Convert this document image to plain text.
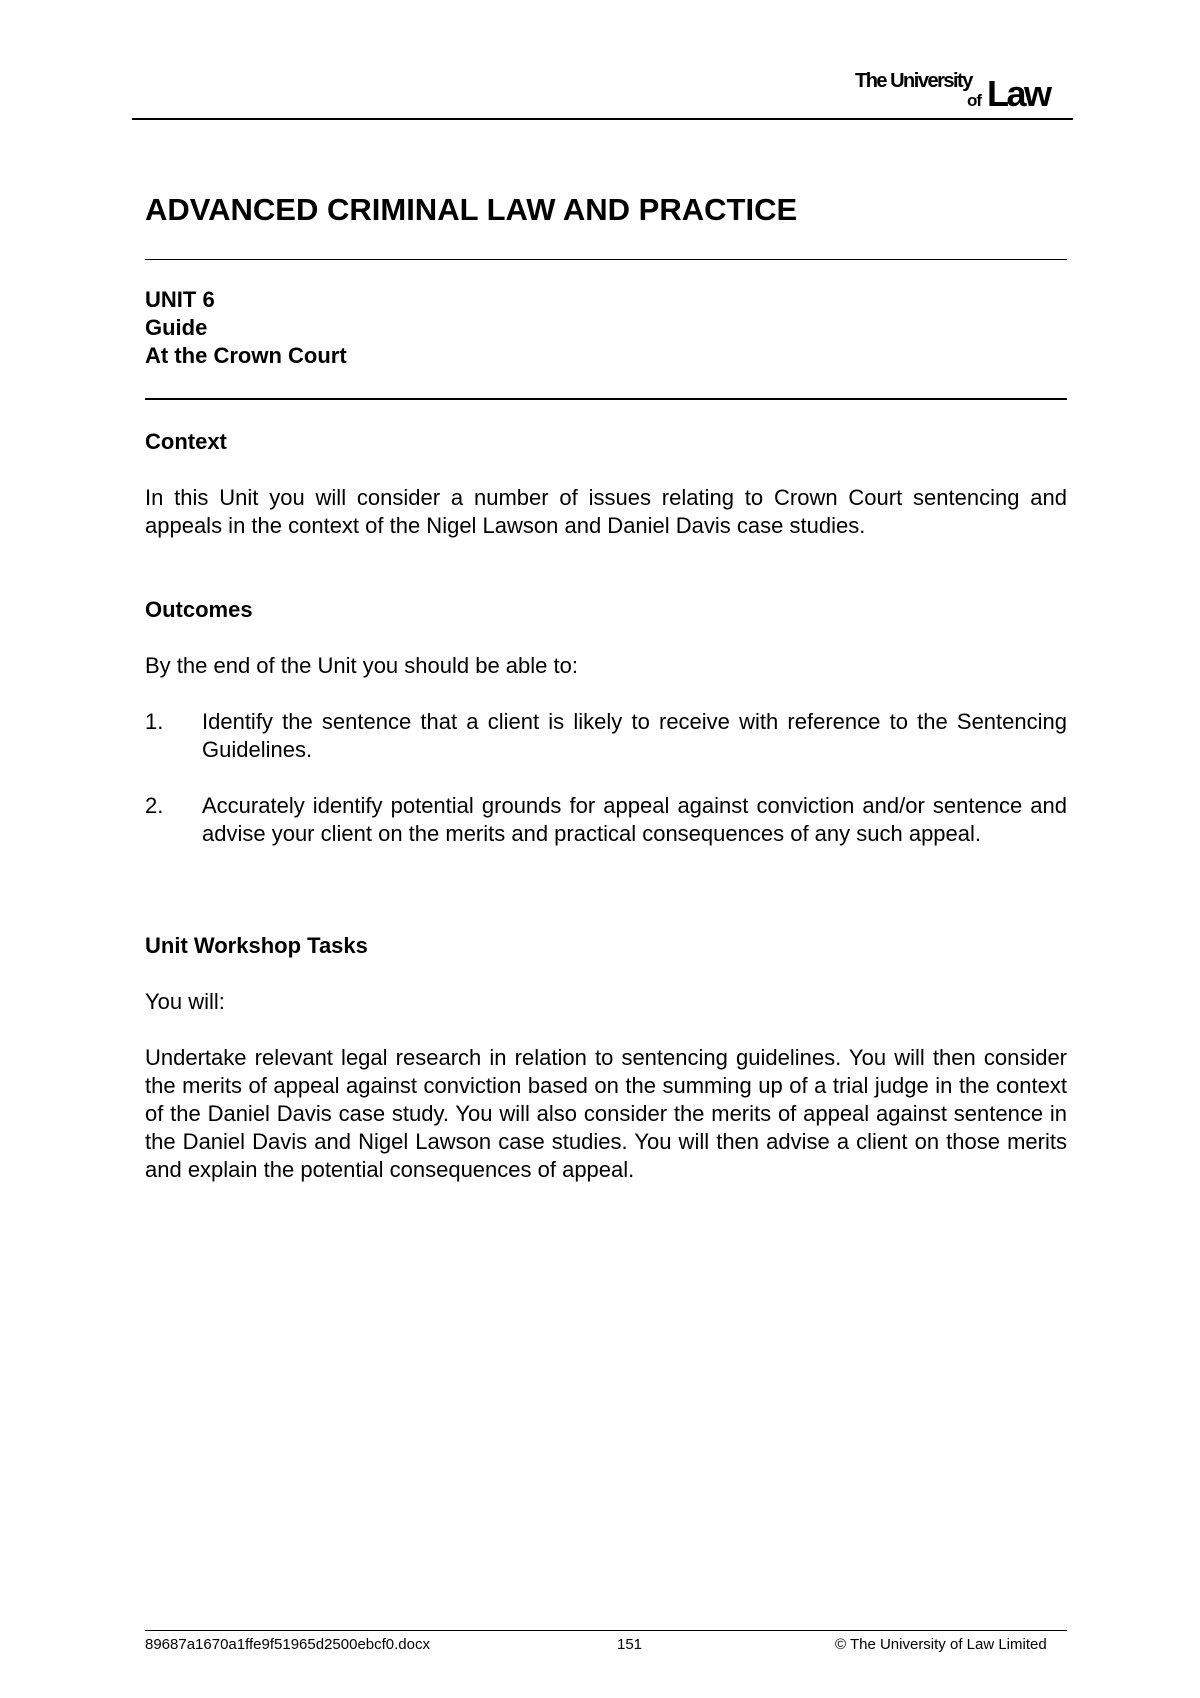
The University
of Law
ADVANCED CRIMINAL LAW AND PRACTICE
UNIT 6
Guide
At the Crown Court

Context

In this Unit you will consider a number of issues relating to Crown Court sentencing and appeals in the context of the Nigel Lawson and Daniel Davis case studies.

Outcomes

By the end of the Unit you should be able to:

1. Identify the sentence that a client is likely to receive with reference to the Sentencing Guidelines.
2. Accurately identify potential grounds for appeal against conviction and/or sentence and advise your client on the merits and practical consequences of any such appeal.

Unit Workshop Tasks

You will:

Undertake relevant legal research in relation to sentencing guidelines. You will then consider the merits of appeal against conviction based on the summing up of a trial judge in the context of the Daniel Davis case study. You will also consider the merits of appeal against sentence in the Daniel Davis and Nigel Lawson case studies. You will then advise a client on those merits and explain the potential consequences of appeal.

89687a1670a1ffe9f51965d2500ebcf0.docx	151	© The University of Law Limited
